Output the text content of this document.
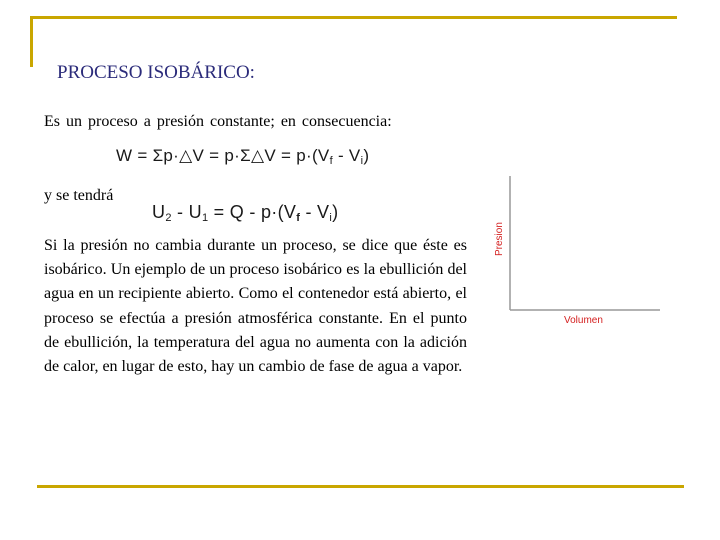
PROCESO ISOBÁRICO:

Es un proceso a presión constante; en consecuencia:

W = Σp·△V = p·Σ△V = $p\cdot(V_f - V_i)$

y se tendrá

$U_2 - U_1 = Q - p\cdot(V_f - V_i)$

Si la presión no cambia durante un proceso, se dice que éste es isobárico. Un ejemplo de un proceso isobárico es la ebullición del agua en un recipiente abierto. Como el contenedor está abierto, el proceso se efectúa a presión atmosférica constante. En el punto de ebullición, la temperatura del agua no aumenta con la adición de calor, en lugar de esto, hay un cambio de fase de agua a vapor.

Presion
Volumen
